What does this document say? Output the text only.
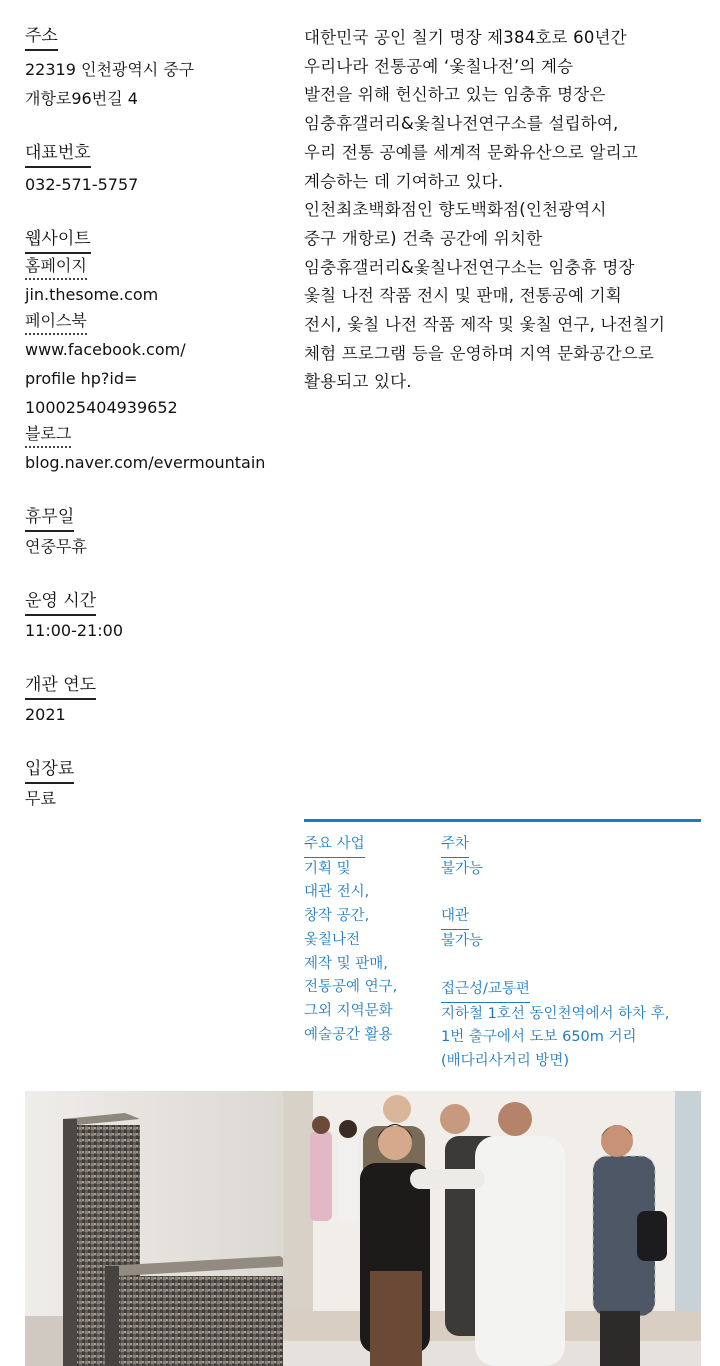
주소
22319 인천광역시 중구
개항로96번길 4
대표번호
032-571-5757
웹사이트
홈페이지
jin.thesome.com
페이스북
www.facebook.com/
profile hp?id=
100025404939652
블로그
blog.naver.com/evermountain
휴무일
연중무휴
운영 시간
11:00-21:00
개관 연도
2021
입장료
무료

대한민국 공인 칠기 명장 제384호로 60년간

우리나라 전통공예 ‘옻칠나전’의 계승

발전을 위해 헌신하고 있는 임충휴 명장은

임충휴갤러리&옻칠나전연구소를 설립하여,

우리 전통 공예를 세계적 문화유산으로 알리고

계승하는 데 기여하고 있다.

인천최초백화점인 향도백화점(인천광역시

중구 개항로) 건축 공간에 위치한

임충휴갤러리&옻칠나전연구소는 임충휴 명장

옻칠 나전 작품 전시 및 판매, 전통공예 기획

전시, 옻칠 나전 작품 제작 및 옻칠 연구, 나전칠기

체험 프로그램 등을 운영하며 지역 문화공간으로

활용되고 있다.

주요 사업
기획 및
대관 전시,
창작 공간,
옻칠나전
제작 및 판매,
전통공예 연구,
그외 지역문화
예술공간 활용
주차
불가능
대관
불가능
접근성/교통편
지하철 1호선 동인천역에서 하차 후,
1번 출구에서 도보 650m 거리
(배다리사거리 방면)
